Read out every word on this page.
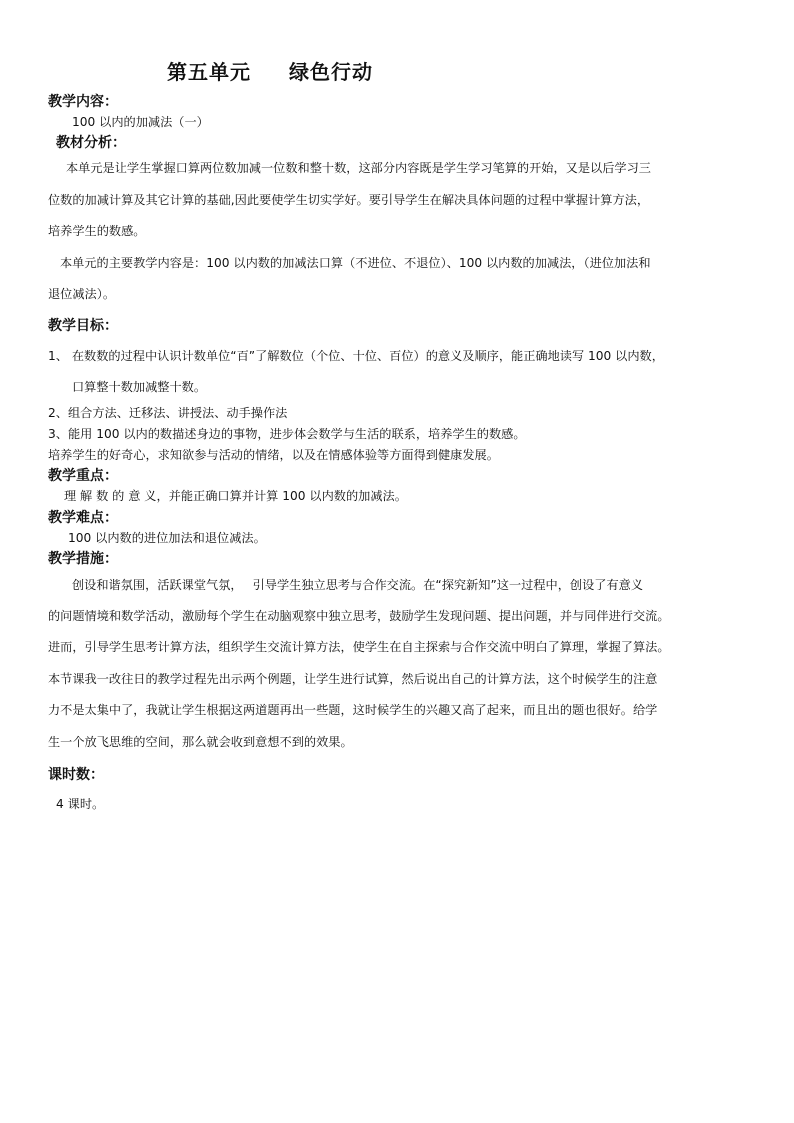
第五单元 绿色行动
教学内容：
100 以内的加减法（一）
教材分析：
本单元是让学生掌握口算两位数加减一位数和整十数，这部分内容既是学生学习笔算的开始，又是以后学习三
位数的加减计算及其它计算的基础,因此要使学生切实学好。要引导学生在解决具体问题的过程中掌握计算方法，
培养学生的数感。
本单元的主要教学内容是：100 以内数的加减法口算（不进位、不退位）、100 以内数的加减法，（进位加法和
退位减法）。
教学目标：
1、 在数数的过程中认识计数单位“百”了解数位（个位、十位、百位）的意义及顺序，能正确地读写 100 以内数，
口算整十数加减整十数。
2、组合方法、迁移法、讲授法、动手操作法
3、能用 100 以内的数描述身边的事物，进步体会数学与生活的联系，培养学生的数感。
培养学生的好奇心，求知欲参与活动的情绪，以及在情感体验等方面得到健康发展。
教学重点：
理 解 数 的 意 义，并能正确口算并计算 100 以内数的加减法。
教学难点：
100 以内数的进位加法和退位减法。
教学措施：
创设和谐氛围，活跃课堂气氛，　 引导学生独立思考与合作交流。在“探究新知”这一过程中，创设了有意义
的问题情境和数学活动，激励每个学生在动脑观察中独立思考，鼓励学生发现问题、提出问题，并与同伴进行交流。
进而，引导学生思考计算方法，组织学生交流计算方法，使学生在自主探索与合作交流中明白了算理，掌握了算法。
本节课我一改往日的教学过程先出示两个例题，让学生进行试算，然后说出自己的计算方法，这个时候学生的注意
力不是太集中了，我就让学生根据这两道题再出一些题，这时候学生的兴趣又高了起来，而且出的题也很好。给学
生一个放飞思维的空间，那么就会收到意想不到的效果。
课时数：
4 课时。
